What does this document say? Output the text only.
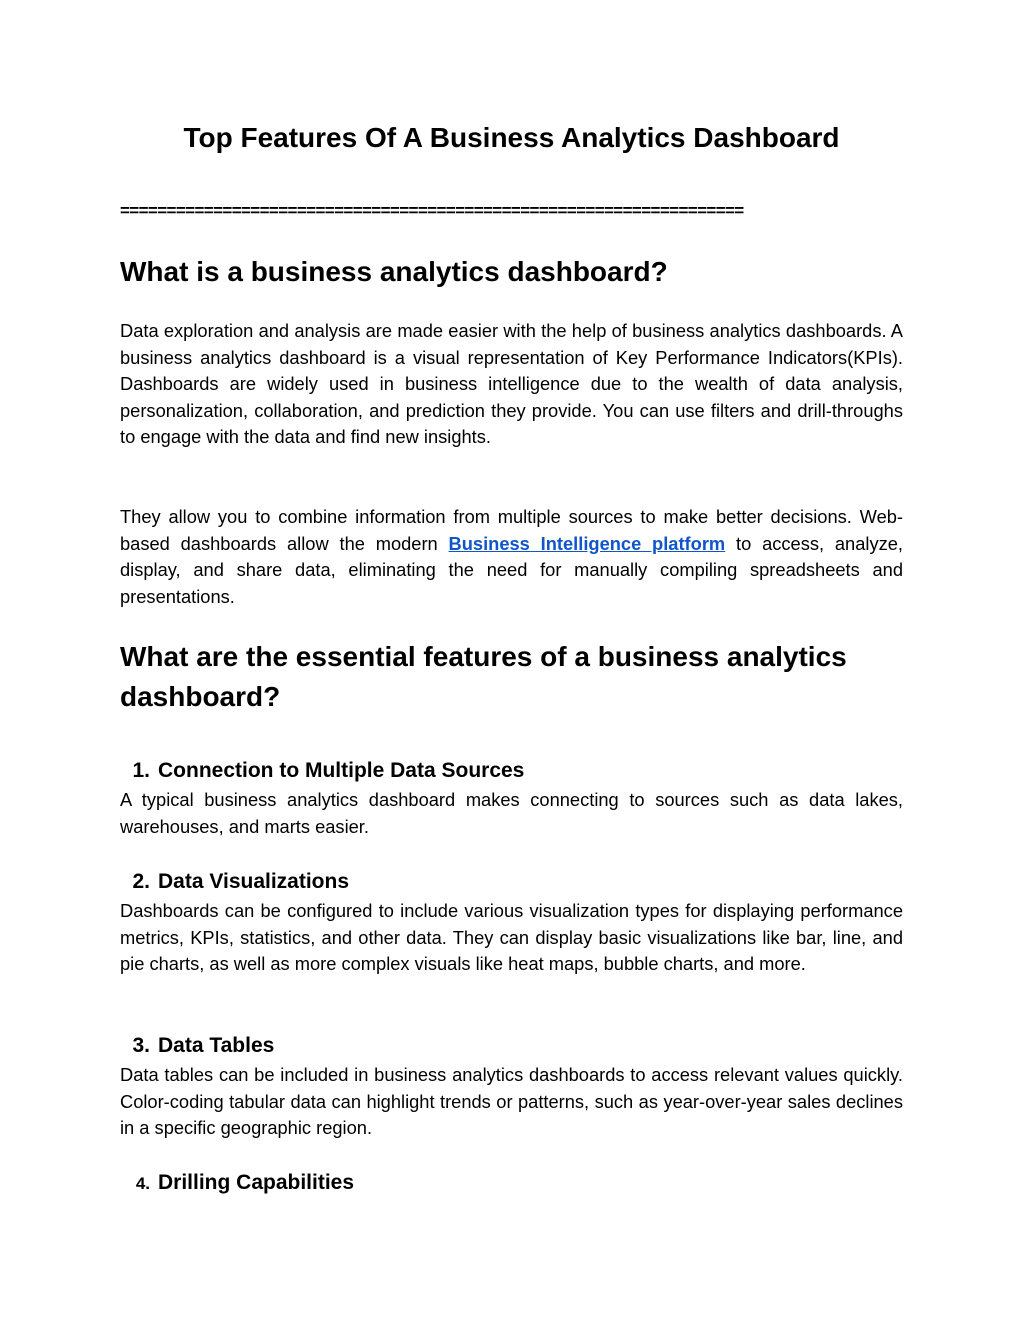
Top Features Of A Business Analytics Dashboard
===================================================================
What is a business analytics dashboard?

Data exploration and analysis are made easier with the help of business analytics dashboards. A business analytics dashboard is a visual representation of Key Performance Indicators(KPIs). Dashboards are widely used in business intelligence due to the wealth of data analysis, personalization, collaboration, and prediction they provide. You can use filters and drill-throughs to engage with the data and find new insights.

They allow you to combine information from multiple sources to make better decisions. Web-based dashboards allow the modern Business Intelligence platform to access, analyze, display, and share data, eliminating the need for manually compiling spreadsheets and presentations.

What are the essential features of a business analytics dashboard?
1. Connection to Multiple Data Sources

A typical business analytics dashboard makes connecting to sources such as data lakes, warehouses, and marts easier.

2. Data Visualizations

Dashboards can be configured to include various visualization types for displaying performance metrics, KPIs, statistics, and other data. They can display basic visualizations like bar, line, and pie charts, as well as more complex visuals like heat maps, bubble charts, and more.

3. Data Tables

Data tables can be included in business analytics dashboards to access relevant values quickly. Color-coding tabular data can highlight trends or patterns, such as year-over-year sales declines in a specific geographic region.

4. Drilling Capabilities
